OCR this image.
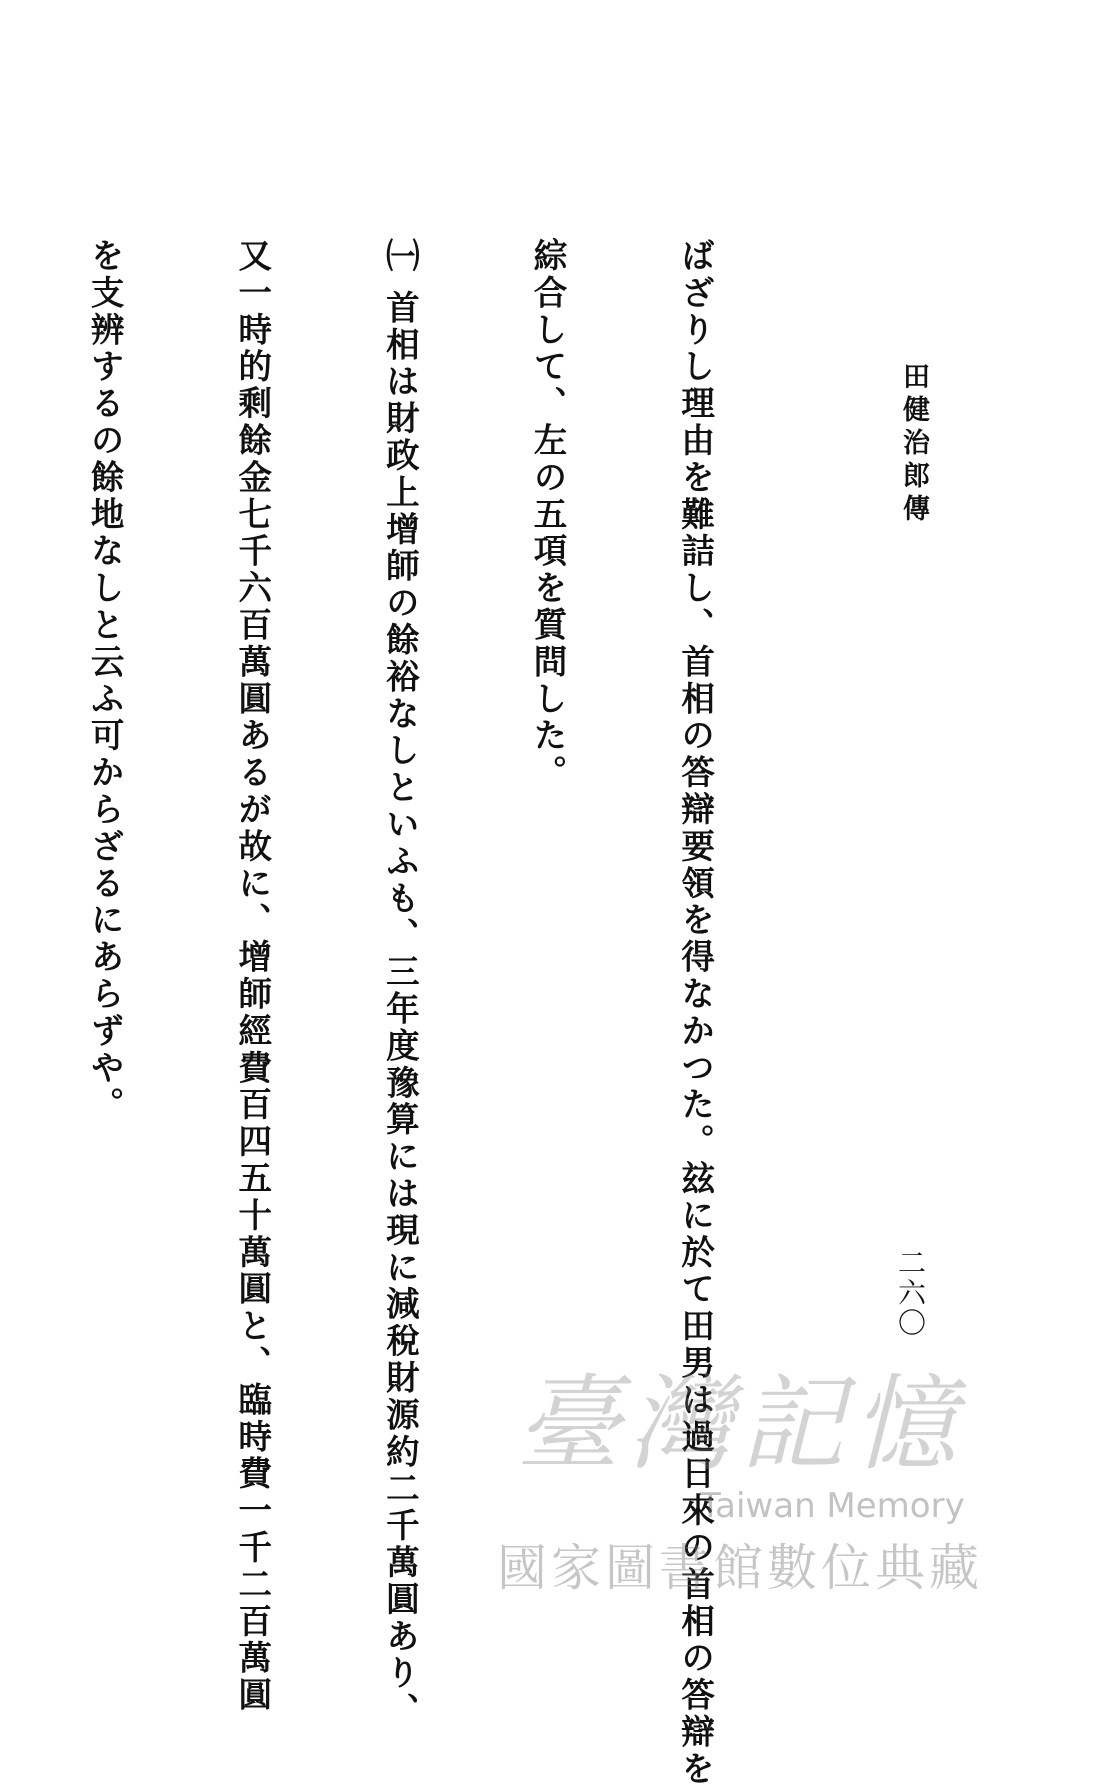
田健治郎傳

ばざりし理由を難詰し、首相の答辯要領を得なかつた。玆に於て田男は過日來の首相の答辯を

綜合して、左の五項を質問した。

㈠ 首相は財政上增師の餘裕なしといふも、三年度豫算には現に減稅財源約二千萬圓あり、

又一時的剩餘金七千六百萬圓あるが故に、增師經費百四五十萬圓と、臨時費一千二百萬圓

を支辨するの餘地なしと云ふ可からざるにあらずや。

二六〇
臺灣記憶
Taiwan Memory
國家圖書館數位典藏
